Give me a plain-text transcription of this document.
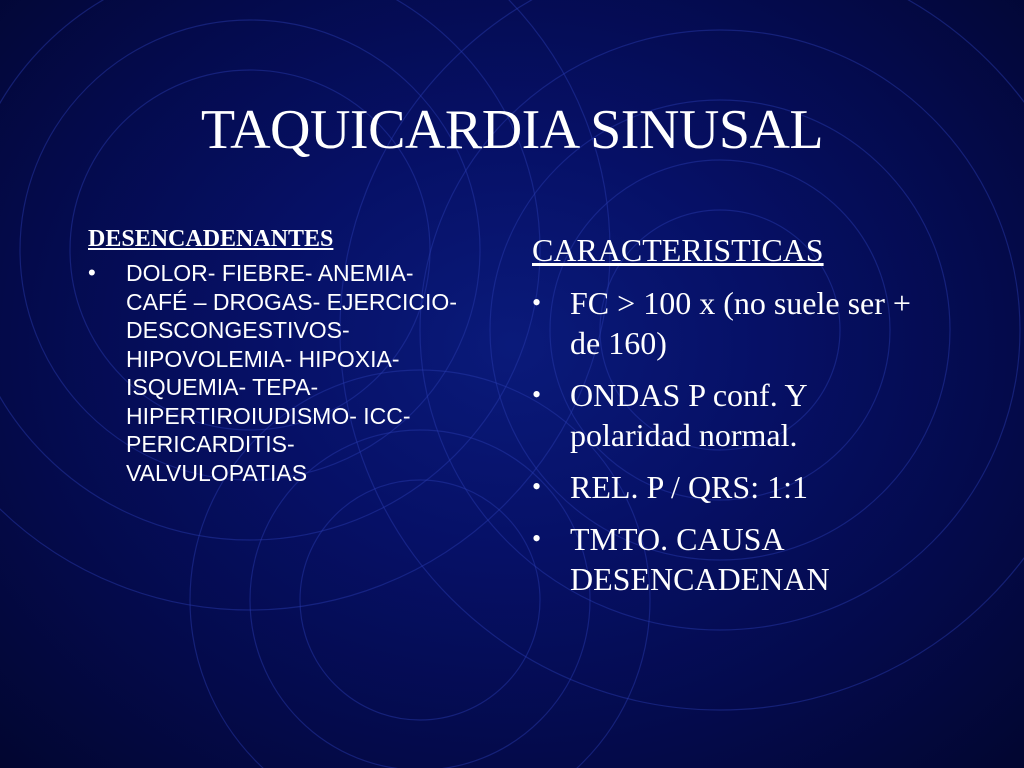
TAQUICARDIA SINUSAL
DESENCADENANTES
•	DOLOR- FIEBRE- ANEMIA- CAFÉ – DROGAS- EJERCICIO- DESCONGESTIVOS- HIPOVOLEMIA- HIPOXIA- ISQUEMIA- TEPA- HIPERTIROIUDISMO- ICC- PERICARDITIS- VALVULOPATIAS
CARACTERISTICAS
• FC > 100 x (no suele ser + de 160)
• ONDAS P conf. Y polaridad normal.
• REL. P / QRS: 1:1
• TMTO. CAUSA DESENCADENAN
